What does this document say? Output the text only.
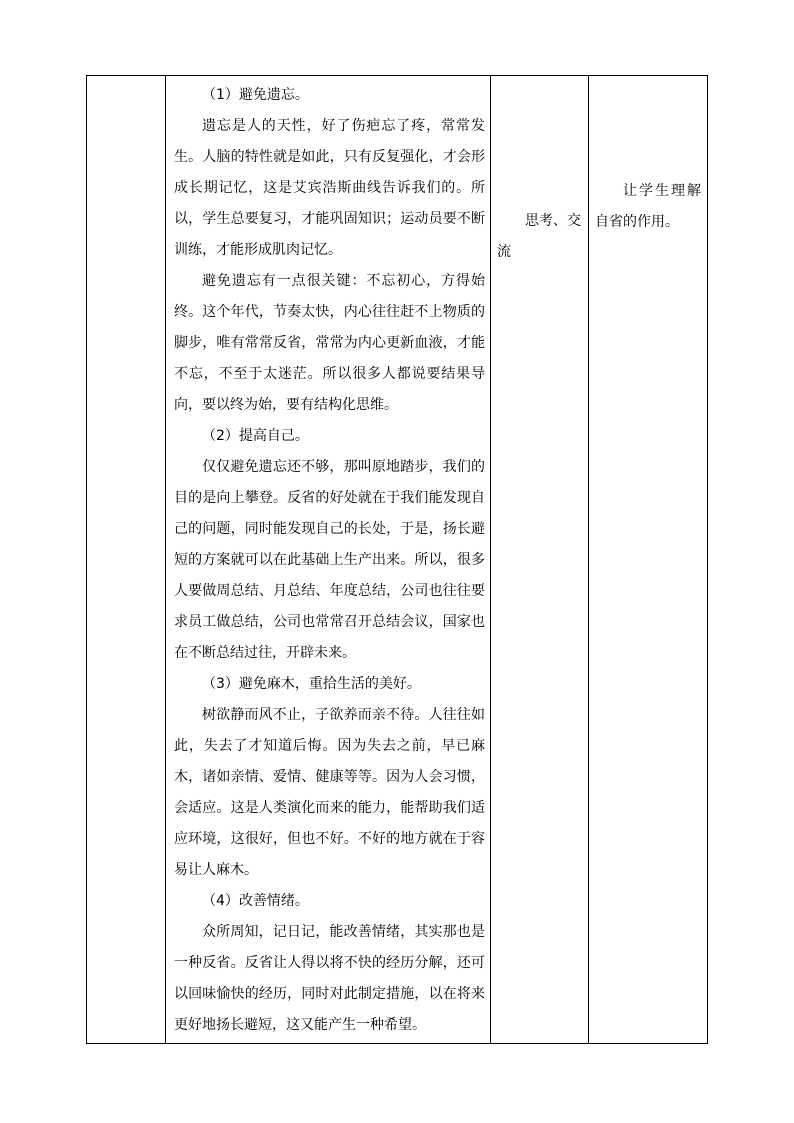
（1）避免遗忘。

遗忘是人的天性，好了伤疤忘了疼，常常发生。人脑的特性就是如此，只有反复强化，才会形成长期记忆，这是艾宾浩斯曲线告诉我们的。所以，学生总要复习，才能巩固知识；运动员要不断训练，才能形成肌肉记忆。

避免遗忘有一点很关键：不忘初心，方得始终。这个年代，节奏太快，内心往往赶不上物质的脚步，唯有常常反省，常常为内心更新血液，才能不忘，不至于太迷茫。所以很多人都说要结果导向，要以终为始，要有结构化思维。

（2）提高自己。

仅仅避免遗忘还不够，那叫原地踏步，我们的目的是向上攀登。反省的好处就在于我们能发现自己的问题，同时能发现自己的长处，于是，扬长避短的方案就可以在此基础上生产出来。所以，很多人要做周总结、月总结、年度总结，公司也往往要求员工做总结，公司也常常召开总结会议，国家也在不断总结过往，开辟未来。

（3）避免麻木，重拾生活的美好。

树欲静而风不止，子欲养而亲不待。人往往如此，失去了才知道后悔。因为失去之前，早已麻木，诸如亲情、爱情、健康等等。因为人会习惯，会适应。这是人类演化而来的能力，能帮助我们适应环境，这很好，但也不好。不好的地方就在于容易让人麻木。

（4）改善情绪。

众所周知，记日记，能改善情绪，其实那也是一种反省。反省让人得以将不快的经历分解，还可以回味愉快的经历，同时对此制定措施，以在将来更好地扬长避短，这又能产生一种希望。

思考、交流
让学生理解自省的作用。
